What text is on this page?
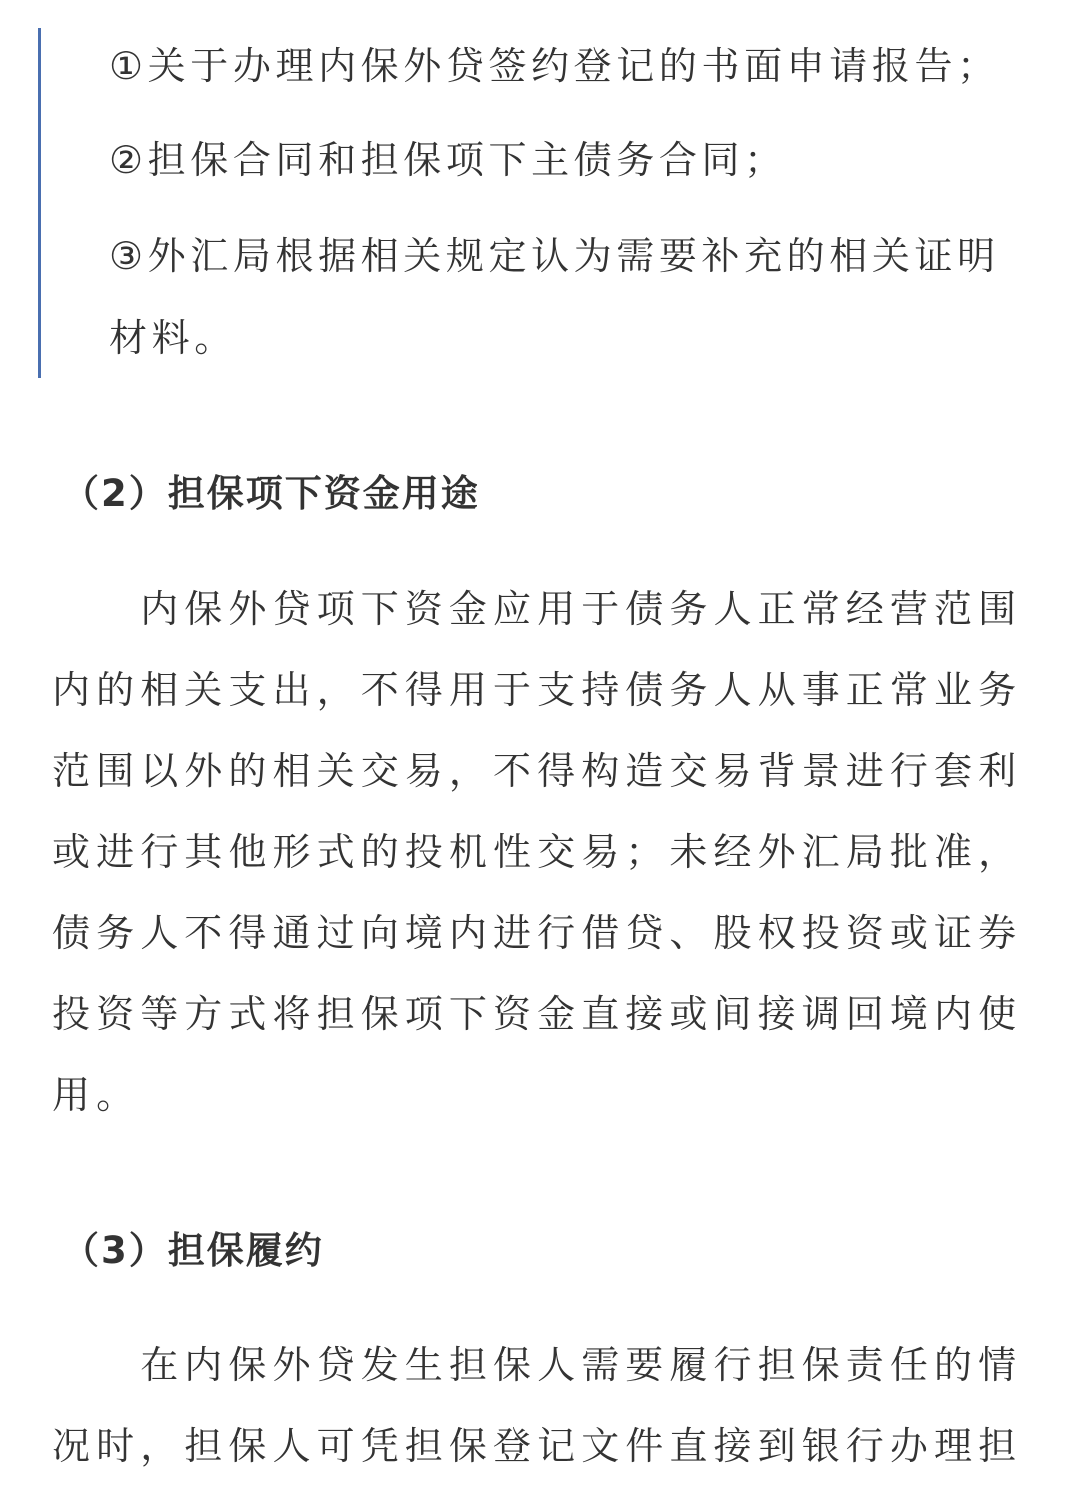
①关于办理内保外贷签约登记的书面申请报告；
②担保合同和担保项下主债务合同；
③外汇局根据相关规定认为需要补充的相关证明
材料。
（2）担保项下资金用途
　　内保外贷项下资金应用于债务人正常经营范围
内的相关支出，不得用于支持债务人从事正常业务
范围以外的相关交易，不得构造交易背景进行套利
或进行其他形式的投机性交易；未经外汇局批准，
债务人不得通过向境内进行借贷、股权投资或证券
投资等方式将担保项下资金直接或间接调回境内使
用。
（3）担保履约
　　在内保外贷发生担保人需要履行担保责任的情
况时，担保人可凭担保登记文件直接到银行办理担
